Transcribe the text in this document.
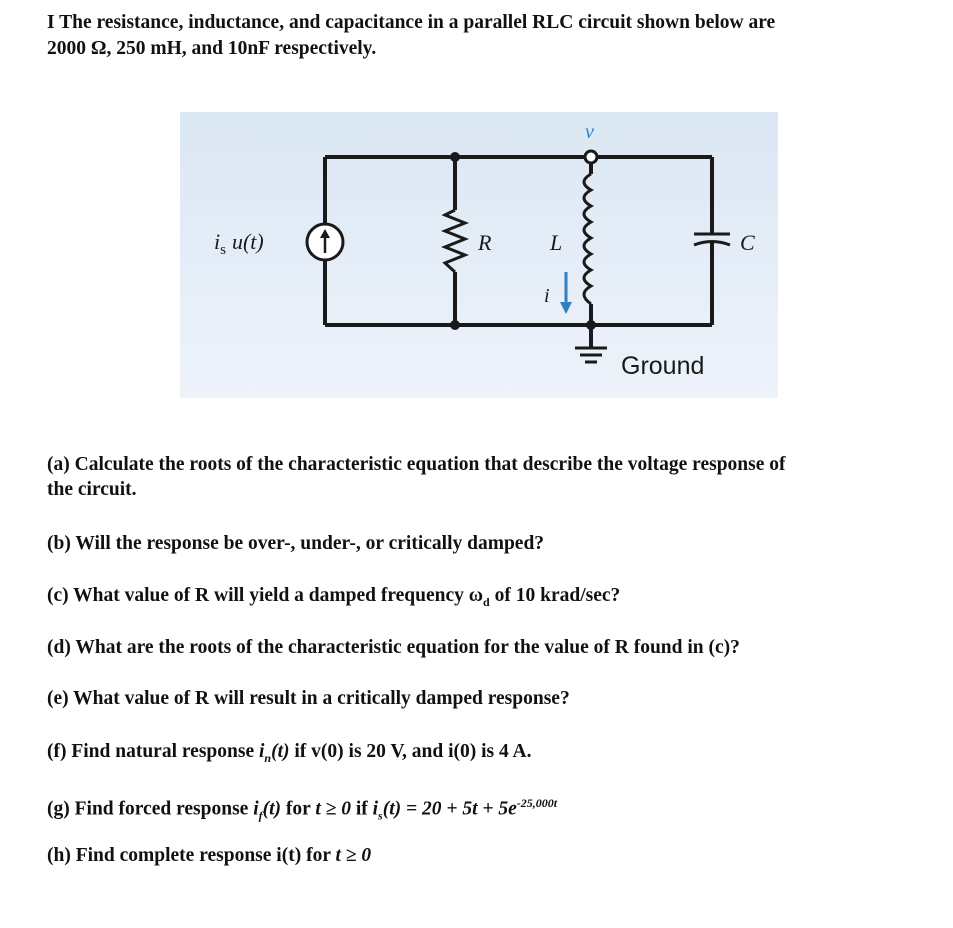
I The resistance, inductance, and capacitance in a parallel RLC circuit shown below are
2000 Ω, 250 mH, and 10nF respectively.
$i_s$ u(t)	R	L	C
v
i
Ground
(a) Calculate the roots of the characteristic equation that describe the voltage response of
the circuit.
(b) Will the response be over-, under-, or critically damped?
(c) What value of R will yield a damped frequency $\omega_d$ of 10 krad/sec?
(d) What are the roots of the characteristic equation for the value of R found in (c)?
(e) What value of R will result in a critically damped response?
(f) Find natural response $i_n(t)$ if v(0) is 20 V, and i(0) is 4 A.
(g) Find forced response $i_f(t)$ for t ≥ 0 if $i_s(t) = 20 + 5t + 5e^{-25,000t}$
(h) Find complete response i(t) for t ≥ 0
